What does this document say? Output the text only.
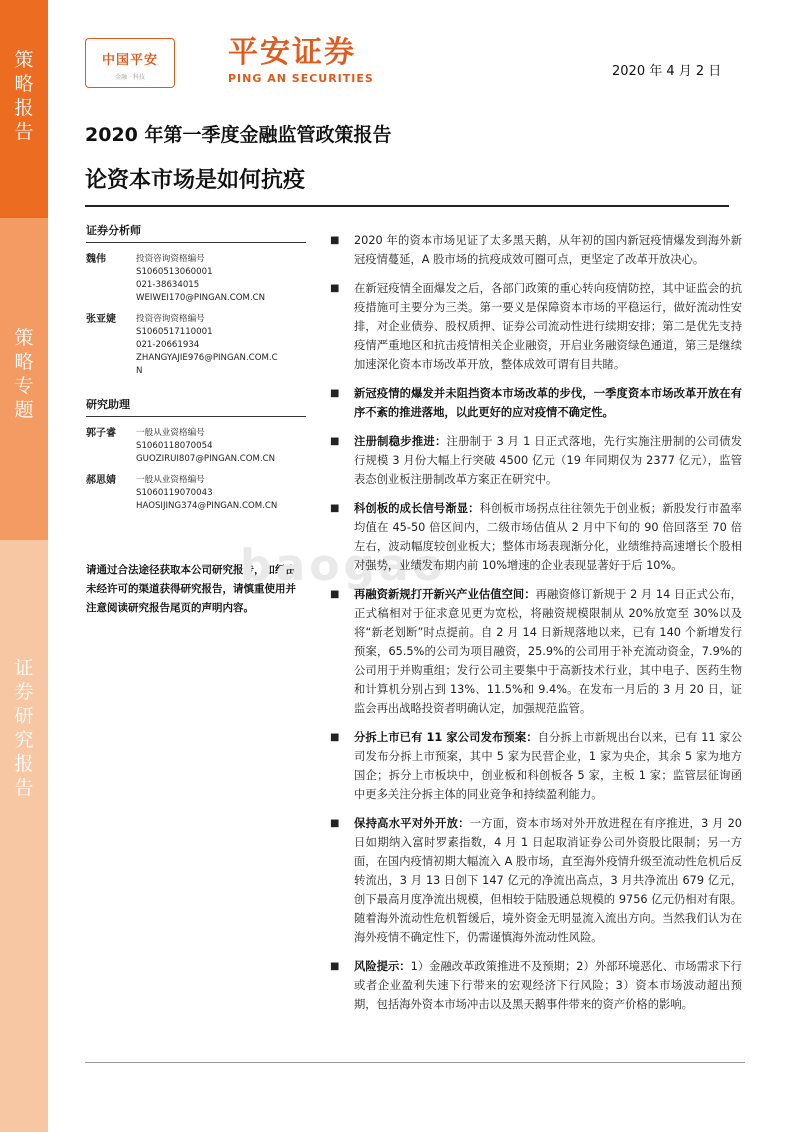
策
略
报
告
策
略
专
题
证
券
研
究
报
告
中国平安
金融 · 科技
平安证券
PING AN SECURITIES	2020 年 4 月 2 日
2020 年第一季度金融监管政策报告
论资本市场是如何抗疫
证券分析师
魏伟	投资咨询资格编号
S1060513060001
021-38634015
WEIWEI170@PINGAN.COM.CN
张亚婕	投资咨询资格编号
S1060517110001
021-20661934
ZHANGYAJIE976@PINGAN.COM.C
N
研究助理
郭子睿	一般从业资格编号
S1060118070054
GUOZIRUI807@PINGAN.COM.CN
郝思婧	一般从业资格编号
S1060119070043
HAOSIJING374@PINGAN.COM.CN
请通过合法途径获取本公司研究报告，如经由未经许可的渠道获得研究报告，请慎重使用并注意阅读研究报告尾页的声明内容。
baogao
■	2020 年的资本市场见证了太多黑天鹅，从年初的国内新冠疫情爆发到海外新冠疫情蔓延，A 股市场的抗疫成效可圈可点，更坚定了改革开放决心。
■	在新冠疫情全面爆发之后，各部门政策的重心转向疫情防控，其中证监会的抗疫措施可主要分为三类。第一要义是保障资本市场的平稳运行，做好流动性安排，对企业债券、股权质押、证券公司流动性进行续期安排；第二是优先支持疫情严重地区和抗击疫情相关企业融资，开启业务融资绿色通道，第三是继续加速深化资本市场改革开放，整体成效可谓有目共睹。
■	新冠疫情的爆发并未阻挡资本市场改革的步伐，一季度资本市场改革开放在有序不紊的推进落地，以此更好的应对疫情不确定性。
■	注册制稳步推进：注册制于 3 月 1 日正式落地，先行实施注册制的公司债发行规模 3 月份大幅上行突破 4500 亿元（19 年同期仅为 2377 亿元），监管表态创业板注册制改革方案正在研究中。
■	科创板的成长信号渐显：科创板市场拐点往往领先于创业板；新股发行市盈率均值在 45-50 倍区间内，二级市场估值从 2 月中下旬的 90 倍回落至 70 倍左右，波动幅度较创业板大；整体市场表现渐分化，业绩维持高速增长个股相对强势，业绩发布期内前 10%增速的企业表现显著好于后 10%。
■	再融资新规打开新兴产业估值空间：再融资修订新规于 2 月 14 日正式公布，正式稿相对于征求意见更为宽松，将融资规模限制从 20%放宽至 30%以及将“新老划断”时点提前。自 2 月 14 日新规落地以来，已有 140 个新增发行预案，65.5%的公司为项目融资，25.9%的公司用于补充流动资金，7.9%的公司用于并购重组；发行公司主要集中于高新技术行业，其中电子、医药生物和计算机分别占到 13%、11.5%和 9.4%。在发布一月后的 3 月 20 日，证监会再出战略投资者明确认定，加强规范监管。
■	分拆上市已有 11 家公司发布预案：自分拆上市新规出台以来，已有 11 家公司发布分拆上市预案，其中 5 家为民营企业，1 家为央企，其余 5 家为地方国企；拆分上市板块中，创业板和科创板各 5 家，主板 1 家；监管层征询函中更多关注分拆主体的同业竞争和持续盈利能力。
■	保持高水平对外开放：一方面，资本市场对外开放进程在有序推进，3 月 20 日如期纳入富时罗素指数，4 月 1 日起取消证券公司外资股比限制；另一方面，在国内疫情初期大幅流入 A 股市场，直至海外疫情升级至流动性危机后反转流出，3 月 13 日创下 147 亿元的净流出高点，3 月共净流出 679 亿元，创下最高月度净流出规模，但相较于陆股通总规模的 9756 亿元仍相对有限。随着海外流动性危机暂缓后，境外资金无明显流入流出方向。当然我们认为在海外疫情不确定性下，仍需谨慎海外流动性风险。
■	风险提示：1）金融改革政策推进不及预期；2）外部环境恶化、市场需求下行或者企业盈利失速下行带来的宏观经济下行风险；3）资本市场波动超出预期，包括海外资本市场冲击以及黑天鹅事件带来的资产价格的影响。
